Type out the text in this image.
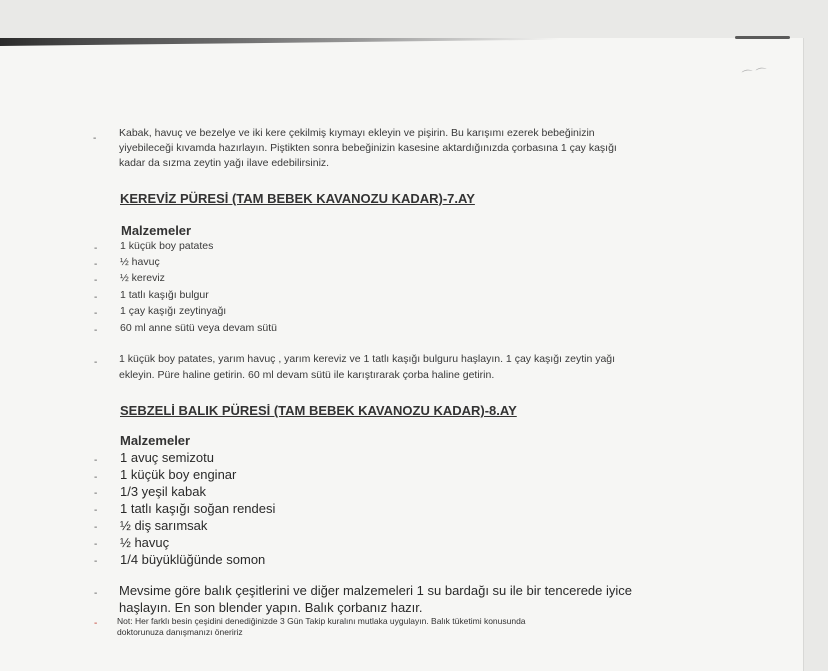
⌒ ⌒
- Kabak, havuç ve bezelye ve iki kere çekilmiş kıymayı ekleyin ve pişirin. Bu karışımı ezerek bebeğinizin
yiyebileceği kıvamda hazırlayın. Piştikten sonra bebeğinizin kasesine aktardığınızda çorbasına 1 çay kaşığı
kadar da sızma zeytin yağı ilave edebilirsiniz.
KEREVİZ PÜRESİ (TAM BEBEK KAVANOZU KADAR)-7.AY
Malzemeler
- 1 küçük boy patates
- ½ havuç
- ½ kereviz
- 1 tatlı kaşığı bulgur
- 1 çay kaşığı zeytinyağı
- 60 ml anne sütü veya devam sütü
- 1 küçük boy patates, yarım havuç , yarım kereviz ve 1 tatlı kaşığı bulguru haşlayın. 1 çay kaşığı zeytin yağı
ekleyin. Püre haline getirin. 60 ml devam sütü ile karıştırarak çorba haline getirin.
SEBZELİ BALIK PÜRESİ (TAM BEBEK KAVANOZU KADAR)-8.AY
Malzemeler
- 1 avuç semizotu
- 1 küçük boy enginar
- 1/3 yeşil kabak
- 1 tatlı kaşığı soğan rendesi
- ½ diş sarımsak
- ½ havuç
- 1/4 büyüklüğünde somon
- Mevsime göre balık çeşitlerini ve diğer malzemeleri 1 su bardağı su ile bir tencerede iyice
haşlayın. En son blender yapın. Balık çorbanız hazır.
- Not: Her farklı besin çeşidini denediğinizde 3 Gün Takip kuralını mutlaka uygulayın. Balık tüketimi konusunda
doktorunuza danışmanızı öneririz
